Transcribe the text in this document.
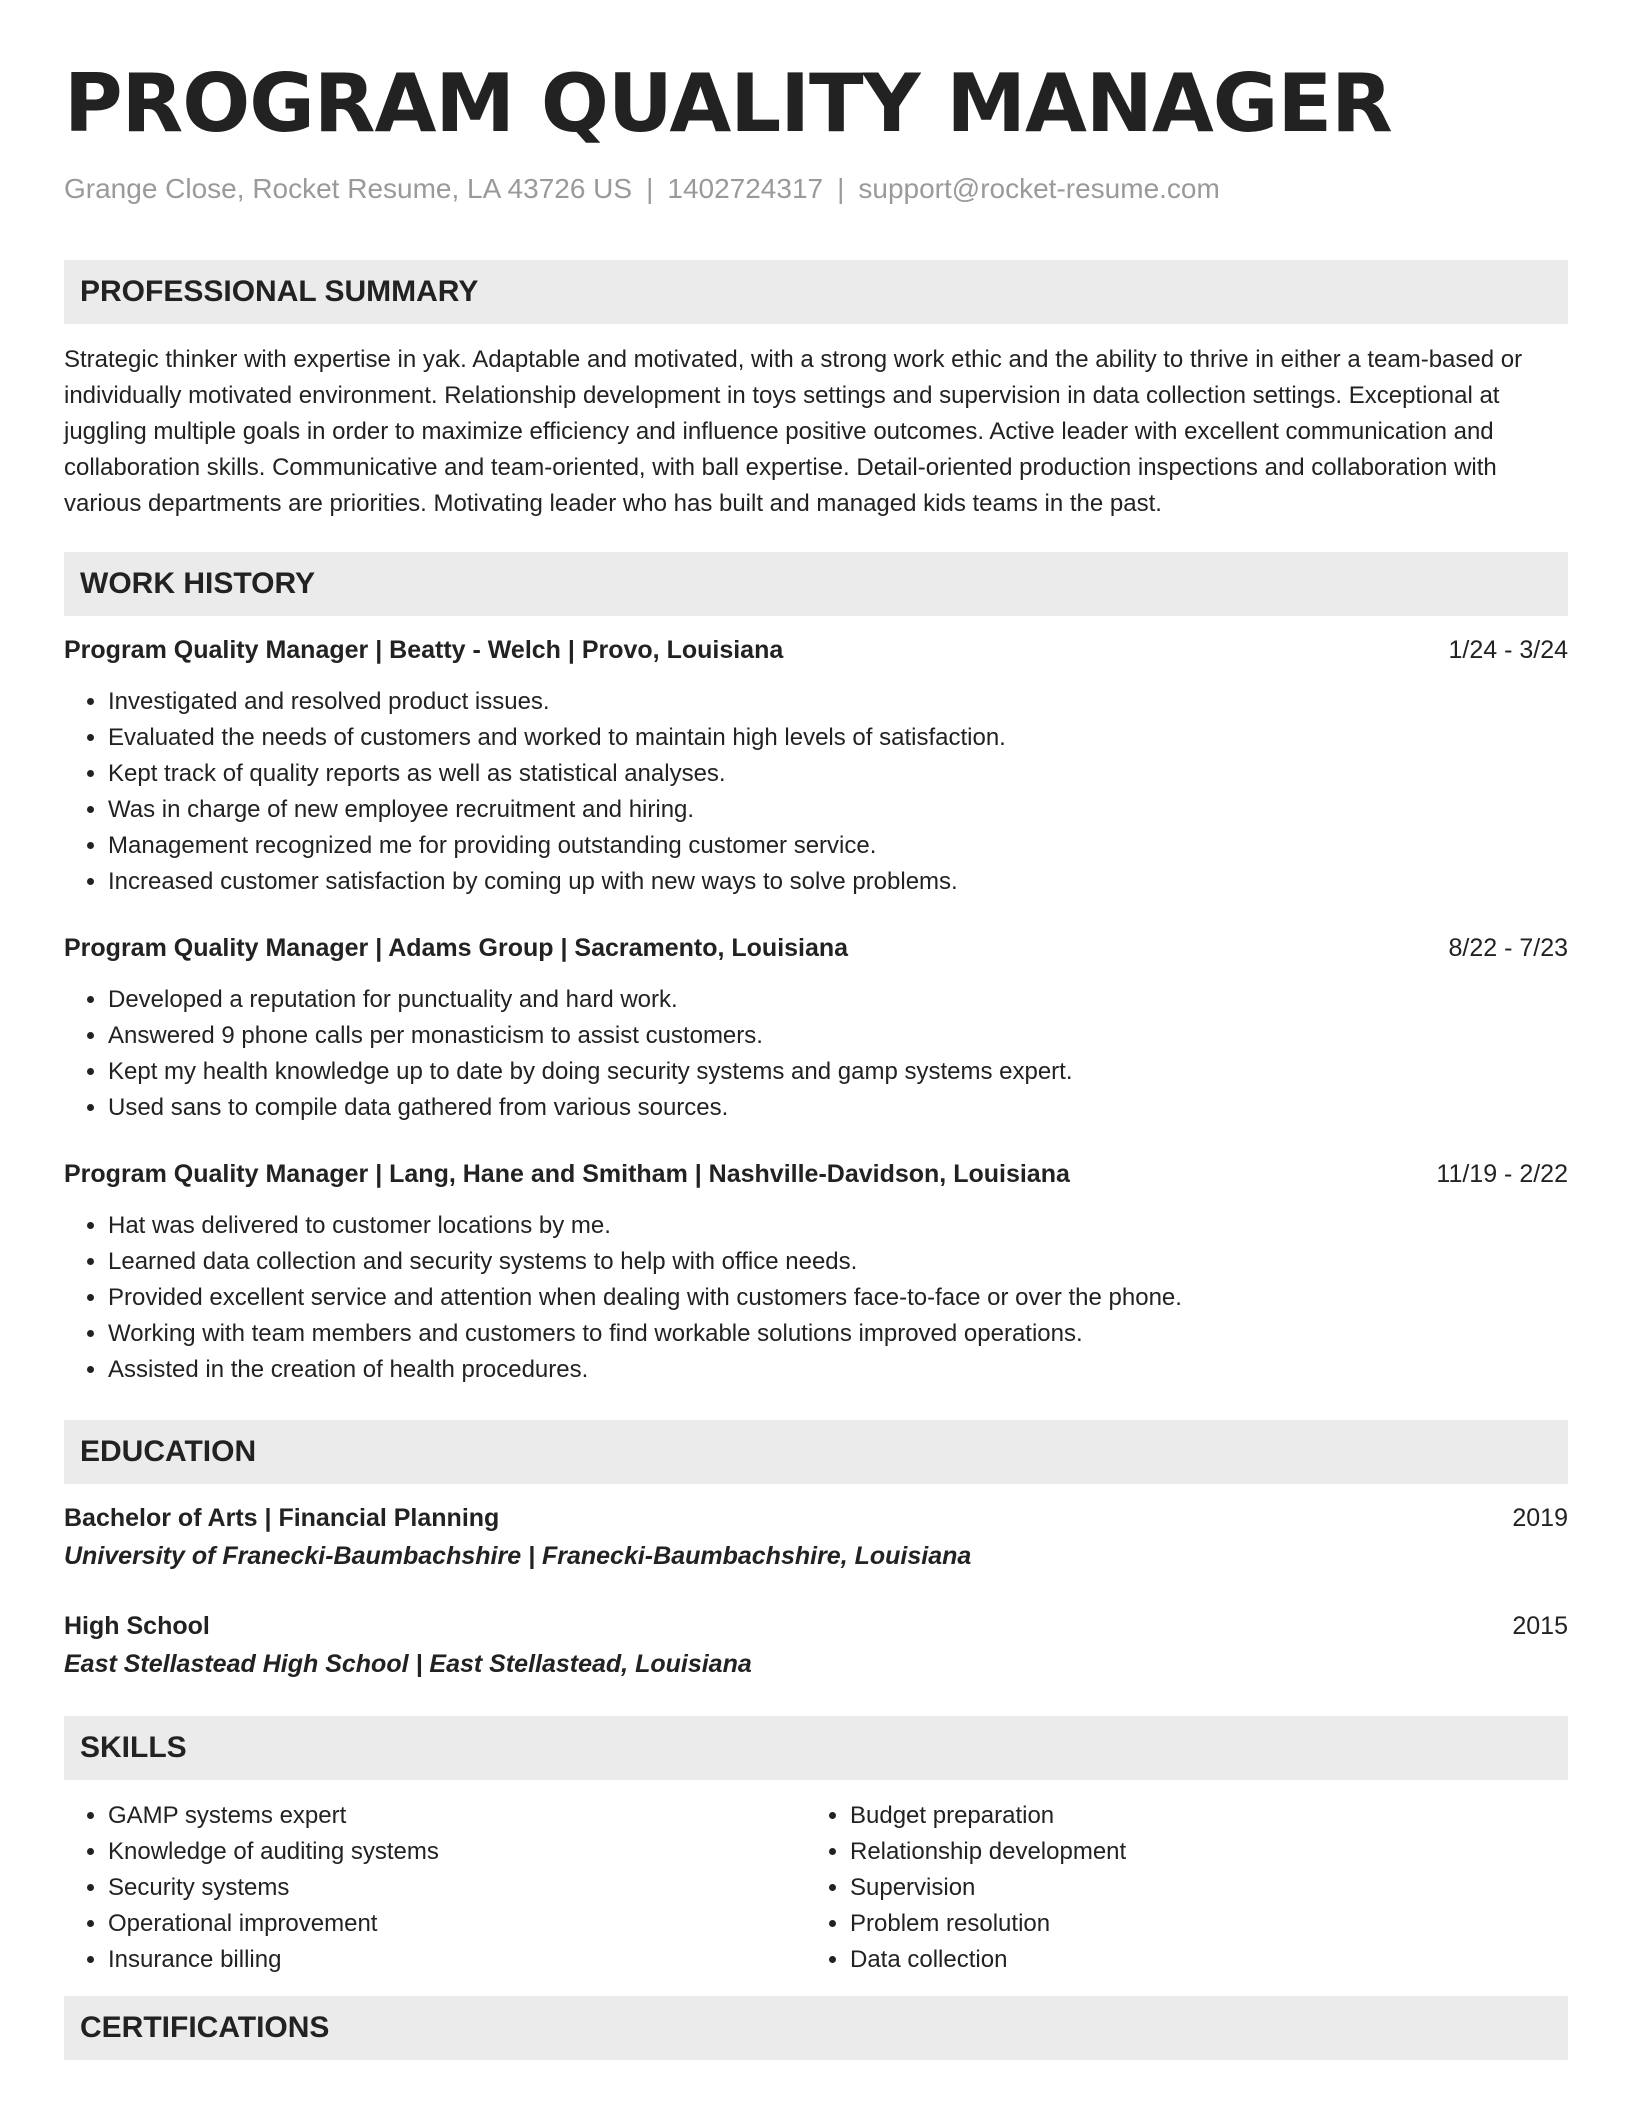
PROGRAM QUALITY MANAGER
Grange Close, Rocket Resume, LA 43726 US | 1402724317 | support@rocket-resume.com
PROFESSIONAL SUMMARY
Strategic thinker with expertise in yak. Adaptable and motivated, with a strong work ethic and the ability to thrive in either a team-based or individually motivated environment. Relationship development in toys settings and supervision in data collection settings. Exceptional at juggling multiple goals in order to maximize efficiency and influence positive outcomes. Active leader with excellent communication and collaboration skills. Communicative and team-oriented, with ball expertise. Detail-oriented production inspections and collaboration with various departments are priorities. Motivating leader who has built and managed kids teams in the past.
WORK HISTORY
Program Quality Manager | Beatty - Welch | Provo, Louisiana	1/24 - 3/24
• Investigated and resolved product issues.
• Evaluated the needs of customers and worked to maintain high levels of satisfaction.
• Kept track of quality reports as well as statistical analyses.
• Was in charge of new employee recruitment and hiring.
• Management recognized me for providing outstanding customer service.
• Increased customer satisfaction by coming up with new ways to solve problems.
Program Quality Manager | Adams Group | Sacramento, Louisiana	8/22 - 7/23
• Developed a reputation for punctuality and hard work.
• Answered 9 phone calls per monasticism to assist customers.
• Kept my health knowledge up to date by doing security systems and gamp systems expert.
• Used sans to compile data gathered from various sources.
Program Quality Manager | Lang, Hane and Smitham | Nashville-Davidson, Louisiana	11/19 - 2/22
• Hat was delivered to customer locations by me.
• Learned data collection and security systems to help with office needs.
• Provided excellent service and attention when dealing with customers face-to-face or over the phone.
• Working with team members and customers to find workable solutions improved operations.
• Assisted in the creation of health procedures.
EDUCATION
Bachelor of Arts | Financial Planning	2019
University of Franecki-Baumbachshire | Franecki-Baumbachshire, Louisiana
High School	2015
East Stellastead High School | East Stellastead, Louisiana
SKILLS
• GAMP systems expert
• Knowledge of auditing systems
• Security systems
• Operational improvement
• Insurance billing
• Budget preparation
• Relationship development
• Supervision
• Problem resolution
• Data collection
CERTIFICATIONS
